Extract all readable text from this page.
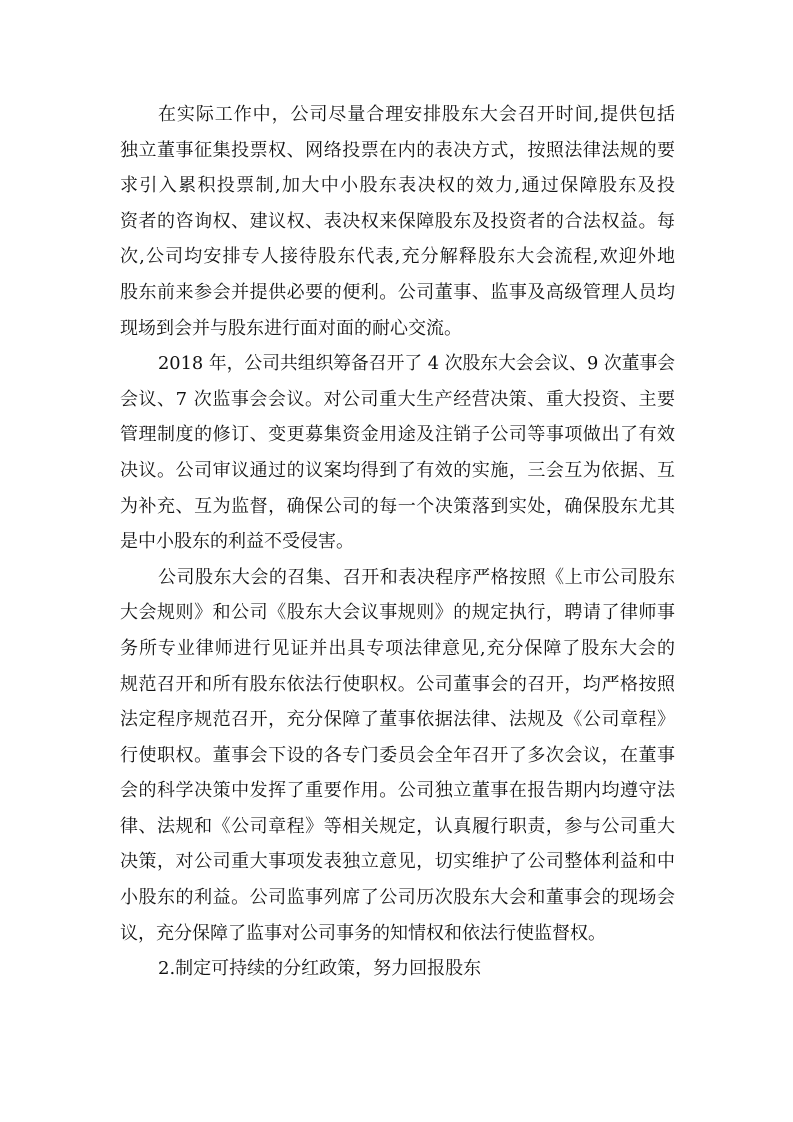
在实际工作中，公司尽量合理安排股东大会召开时间,提供包括
独立董事征集投票权、网络投票在内的表决方式，按照法律法规的要
求引入累积投票制,加大中小股东表决权的效力,通过保障股东及投
资者的咨询权、建议权、表决权来保障股东及投资者的合法权益。每
次,公司均安排专人接待股东代表,充分解释股东大会流程,欢迎外地
股东前来参会并提供必要的便利。公司董事、监事及高级管理人员均
现场到会并与股东进行面对面的耐心交流。
2018 年，公司共组织筹备召开了 4 次股东大会会议、9 次董事会
会议、7 次监事会会议。对公司重大生产经营决策、重大投资、主要
管理制度的修订、变更募集资金用途及注销子公司等事项做出了有效
决议。公司审议通过的议案均得到了有效的实施，三会互为依据、互
为补充、互为监督，确保公司的每一个决策落到实处，确保股东尤其
是中小股东的利益不受侵害。
公司股东大会的召集、召开和表决程序严格按照《上市公司股东
大会规则》和公司《股东大会议事规则》的规定执行，聘请了律师事
务所专业律师进行见证并出具专项法律意见,充分保障了股东大会的
规范召开和所有股东依法行使职权。公司董事会的召开，均严格按照
法定程序规范召开，充分保障了董事依据法律、法规及《公司章程》
行使职权。董事会下设的各专门委员会全年召开了多次会议，在董事
会的科学决策中发挥了重要作用。公司独立董事在报告期内均遵守法
律、法规和《公司章程》等相关规定，认真履行职责，参与公司重大
决策，对公司重大事项发表独立意见，切实维护了公司整体利益和中
小股东的利益。公司监事列席了公司历次股东大会和董事会的现场会
议，充分保障了监事对公司事务的知情权和依法行使监督权。
2.制定可持续的分红政策，努力回报股东
